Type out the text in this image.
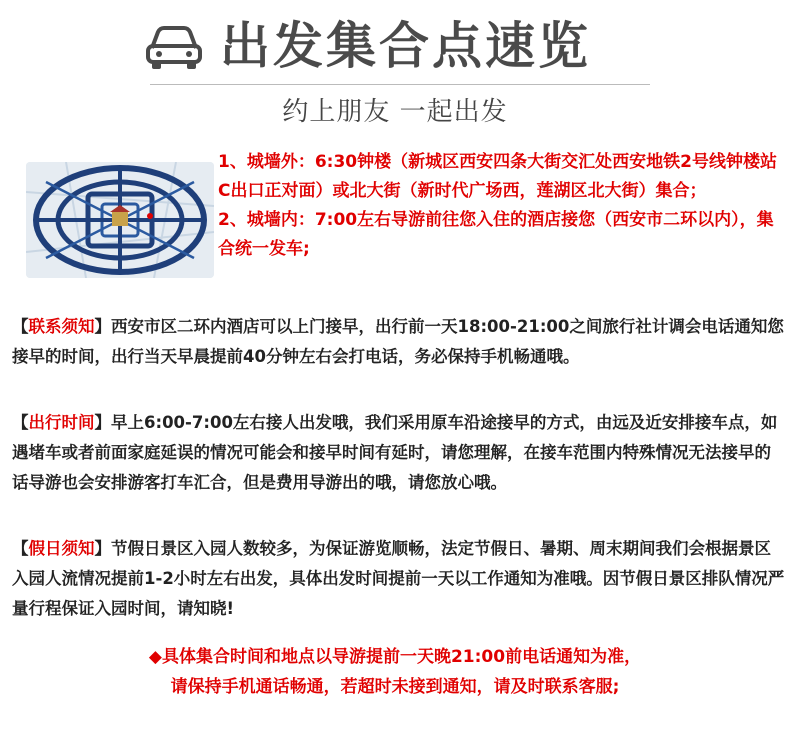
出发集合点速览
约上朋友 一起出发

1、城墙外：6:30钟楼（新城区西安四条大街交汇处西安地铁2号线钟楼站C出口正对面）或北大街（新时代广场西，莲湖区北大街）集合；

2、城墙内：7:00左右导游前往您入住的酒店接您（西安市二环以内），集合统一发车;

【联系须知】西安市区二环内酒店可以上门接早，出行前一天18:00-21:00之间旅行社计调会电话通知您接早的时间，出行当天早晨提前40分钟左右会打电话，务必保持手机畅通哦。

【出行时间】早上6:00-7:00左右接人出发哦，我们采用原车沿途接早的方式，由远及近安排接车点，如遇堵车或者前面家庭延误的情况可能会和接早时间有延时，请您理解，在接车范围内特殊情况无法接早的话导游也会安排游客打车汇合，但是费用导游出的哦，请您放心哦。

【假日须知】节假日景区入园人数较多，为保证游览顺畅，法定节假日、暑期、周末期间我们会根据景区入园人流情况提前1-2小时左右出发，具体出发时间提前一天以工作通知为准哦。因节假日景区排队情况严量行程保证入园时间，请知晓!

◆具体集合时间和地点以导游提前一天晚21:00前电话通知为准，

请保持手机通话畅通，若超时未接到通知，请及时联系客服;
